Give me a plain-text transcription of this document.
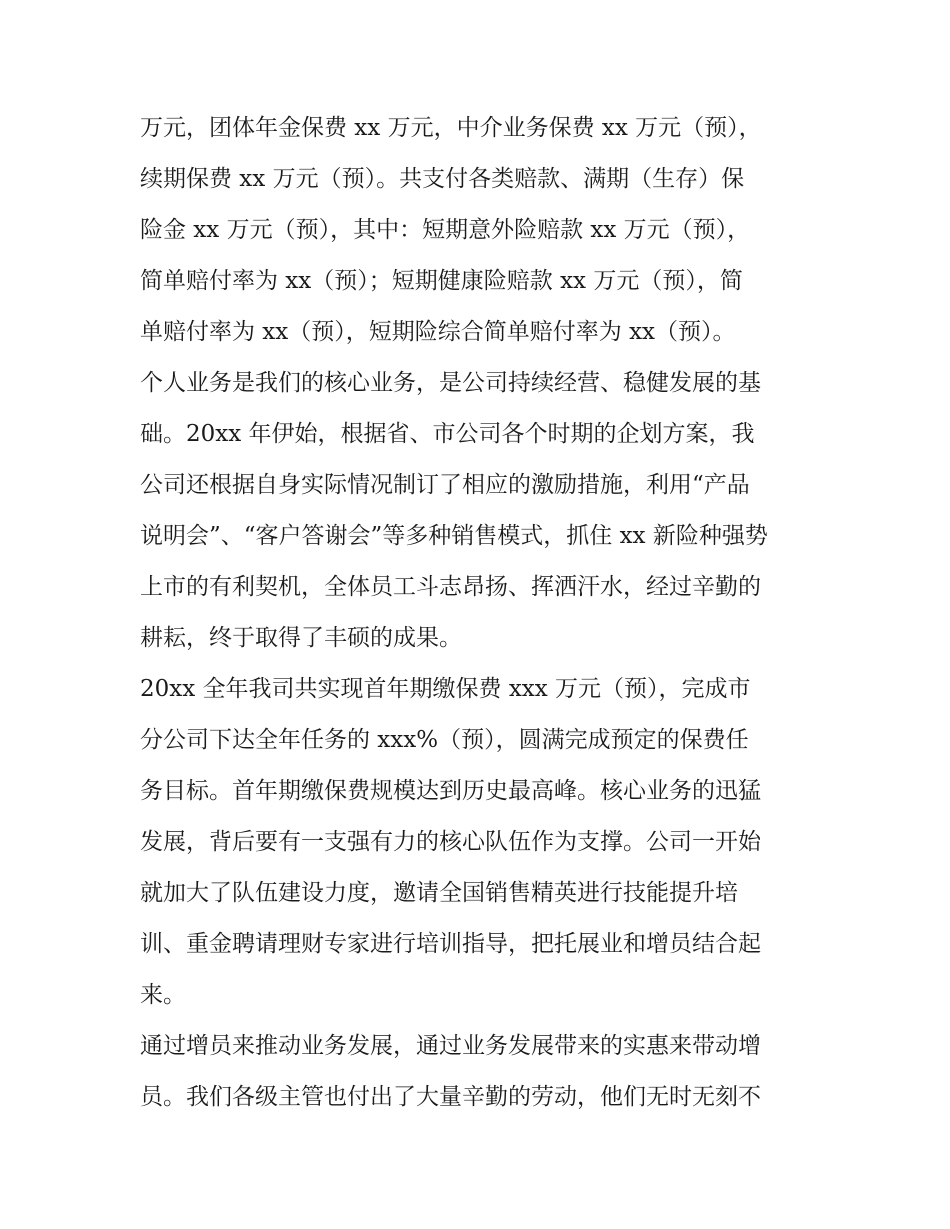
万元，团体年金保费 xx 万元，中介业务保费 xx 万元（预），
续期保费 xx 万元（预）。共支付各类赔款、满期（生存）保
险金 xx 万元（预），其中：短期意外险赔款 xx 万元（预），
简单赔付率为 xx（预）；短期健康险赔款 xx 万元（预），简
单赔付率为 xx（预），短期险综合简单赔付率为 xx（预）。
个人业务是我们的核心业务，是公司持续经营、稳健发展的基
础。20xx 年伊始，根据省、市公司各个时期的企划方案，我
公司还根据自身实际情况制订了相应的激励措施，利用“产品
说明会”、“客户答谢会”等多种销售模式，抓住 xx 新险种强势
上市的有利契机，全体员工斗志昂扬、挥洒汗水，经过辛勤的
耕耘，终于取得了丰硕的成果。
20xx 全年我司共实现首年期缴保费 xxx 万元（预），完成市
分公司下达全年任务的 xxx%（预），圆满完成预定的保费任
务目标。首年期缴保费规模达到历史最高峰。核心业务的迅猛
发展，背后要有一支强有力的核心队伍作为支撑。公司一开始
就加大了队伍建设力度，邀请全国销售精英进行技能提升培
训、重金聘请理财专家进行培训指导，把托展业和增员结合起
来。
通过增员来推动业务发展，通过业务发展带来的实惠来带动增
员。我们各级主管也付出了大量辛勤的劳动，他们无时无刻不
